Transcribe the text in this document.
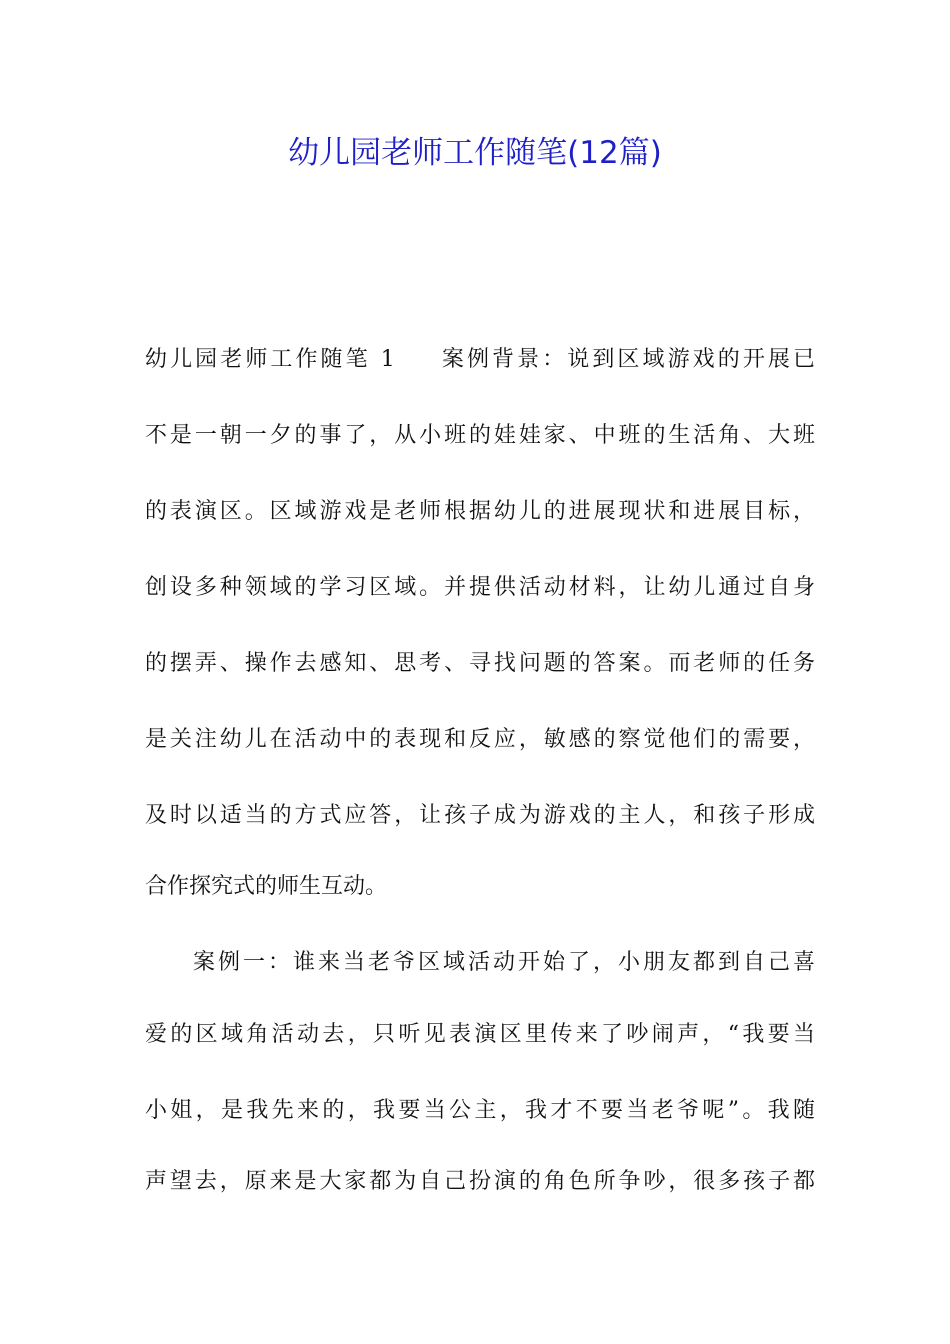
幼儿园老师工作随笔(12篇)
幼儿园老师工作随笔 1 案例背景：说到区域游戏的开展已
不是一朝一夕的事了，从小班的娃娃家、中班的生活角、大班
的表演区。区域游戏是老师根据幼儿的进展现状和进展目标，
创设多种领域的学习区域。并提供活动材料，让幼儿通过自身
的摆弄、操作去感知、思考、寻找问题的答案。而老师的任务
是关注幼儿在活动中的表现和反应，敏感的察觉他们的需要，
及时以适当的方式应答，让孩子成为游戏的主人，和孩子形成
合作探究式的师生互动。
案例一：谁来当老爷区域活动开始了，小朋友都到自己喜
爱的区域角活动去，只听见表演区里传来了吵闹声，“我要当
小姐，是我先来的，我要当公主，我才不要当老爷呢”。我随
声望去，原来是大家都为自己扮演的角色所争吵，很多孩子都
